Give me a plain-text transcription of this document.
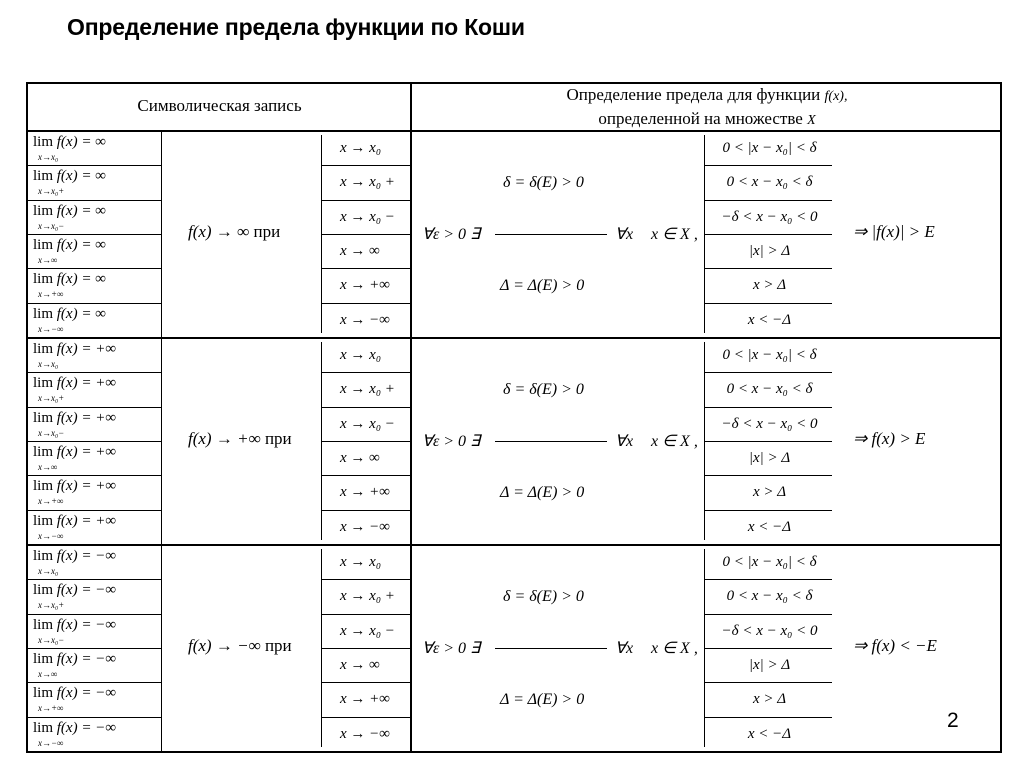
Определение предела функции по Коши
Символическая запись
Определение предела для функции f(x),
определенной на множестве X
2
lim f(x) = ∞
x→x₀
x → x₀	0 < |x − x₀| < δ
lim f(x) = ∞
x→x₀+
x → x₀ +	0 < x − x₀ < δ
lim f(x) = ∞
x→x₀−
x → x₀ −	−δ < x − x₀ < 0
lim f(x) = ∞
x→∞
x → ∞	|x| > Δ
lim f(x) = ∞
x→+∞
x → +∞	x > Δ
lim f(x) = ∞
x→−∞
x → −∞	x < −Δ
f(x) → ∞ при	∀ε > 0 ∃
δ = δ(E) > 0
Δ = Δ(E) > 0
∀x x ∈ X ,	⇒ |f(x)| > E
lim f(x) = +∞
x→x₀
x → x₀	0 < |x − x₀| < δ
lim f(x) = +∞
x→x₀+
x → x₀ +	0 < x − x₀ < δ
lim f(x) = +∞
x→x₀−
x → x₀ −	−δ < x − x₀ < 0
lim f(x) = +∞
x→∞
x → ∞	|x| > Δ
lim f(x) = +∞
x→+∞
x → +∞	x > Δ
lim f(x) = +∞
x→−∞
x → −∞	x < −Δ
f(x) → +∞ при	∀ε > 0 ∃
δ = δ(E) > 0
Δ = Δ(E) > 0
∀x x ∈ X ,	⇒ f(x) > E
lim f(x) = −∞
x→x₀
x → x₀	0 < |x − x₀| < δ
lim f(x) = −∞
x→x₀+
x → x₀ +	0 < x − x₀ < δ
lim f(x) = −∞
x→x₀−
x → x₀ −	−δ < x − x₀ < 0
lim f(x) = −∞
x→∞
x → ∞	|x| > Δ
lim f(x) = −∞
x→+∞
x → +∞	x > Δ
lim f(x) = −∞
x→−∞
x → −∞	x < −Δ
f(x) → −∞ при	∀ε > 0 ∃
δ = δ(E) > 0
Δ = Δ(E) > 0
∀x x ∈ X ,	⇒ f(x) < −E
